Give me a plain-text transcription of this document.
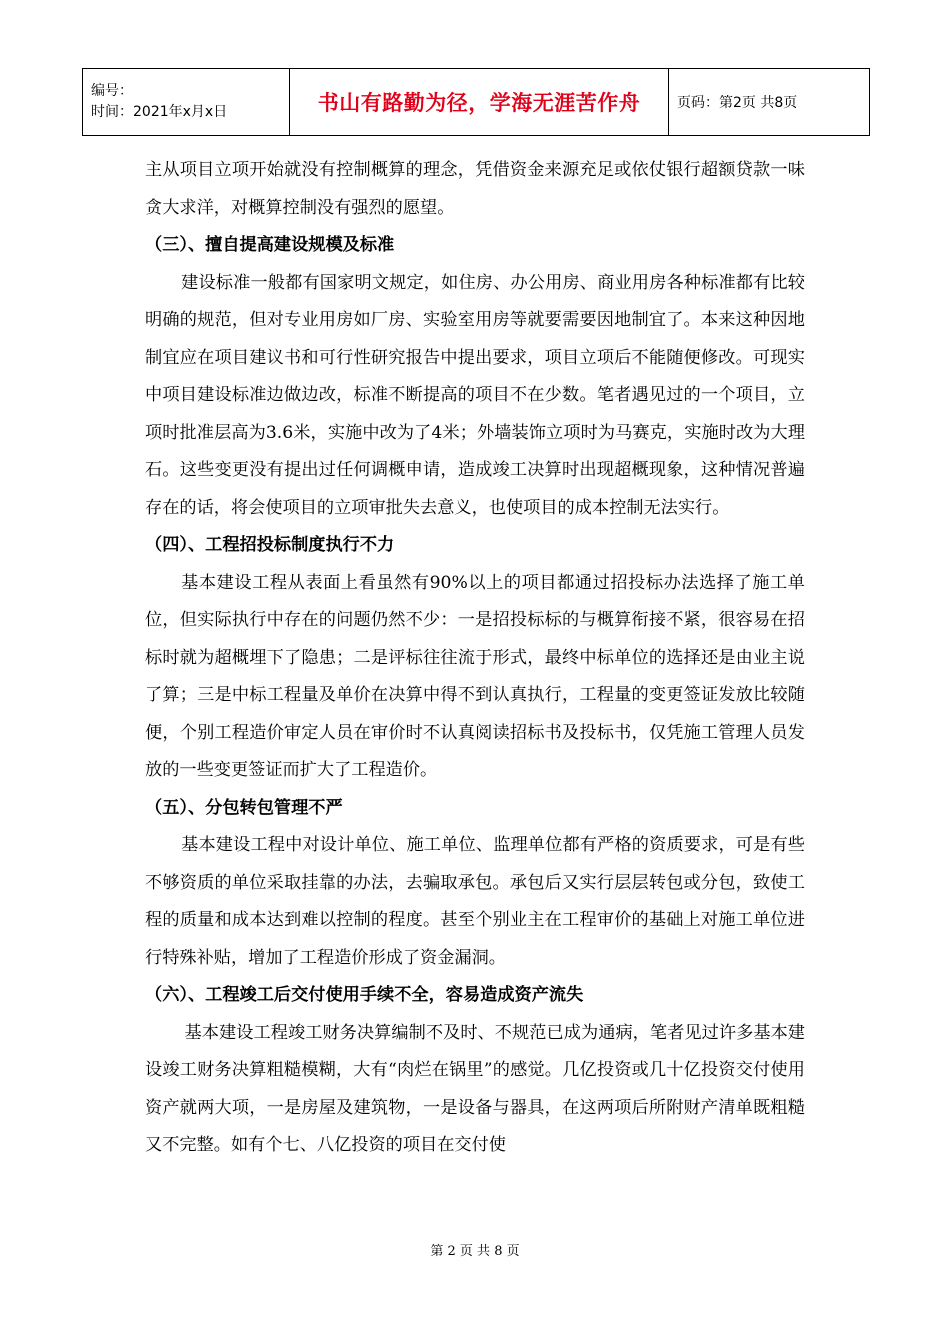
编号：
时间：2021年x月x日	书山有路勤为径，学海无涯苦作舟	页码：第2页 共8页

主从项目立项开始就没有控制概算的理念，凭借资金来源充足或依仗银行超额贷款一味贪大求洋，对概算控制没有强烈的愿望。

（三）、擅自提高建设规模及标准

建设标准一般都有国家明文规定，如住房、办公用房、商业用房各种标准都有比较明确的规范，但对专业用房如厂房、实验室用房等就要需要因地制宜了。本来这种因地制宜应在项目建议书和可行性研究报告中提出要求，项目立项后不能随便修改。可现实中项目建设标准边做边改，标准不断提高的项目不在少数。笔者遇见过的一个项目，立项时批准层高为3.6米，实施中改为了4米；外墙装饰立项时为马赛克，实施时改为大理石。这些变更没有提出过任何调概申请，造成竣工决算时出现超概现象，这种情况普遍存在的话，将会使项目的立项审批失去意义，也使项目的成本控制无法实行。

（四）、工程招投标制度执行不力

基本建设工程从表面上看虽然有90%以上的项目都通过招投标办法选择了施工单位，但实际执行中存在的问题仍然不少：一是招投标标的与概算衔接不紧，很容易在招标时就为超概埋下了隐患；二是评标往往流于形式，最终中标单位的选择还是由业主说了算；三是中标工程量及单价在决算中得不到认真执行，工程量的变更签证发放比较随便，个别工程造价审定人员在审价时不认真阅读招标书及投标书，仅凭施工管理人员发放的一些变更签证而扩大了工程造价。

（五）、分包转包管理不严

基本建设工程中对设计单位、施工单位、监理单位都有严格的资质要求，可是有些不够资质的单位采取挂靠的办法，去骗取承包。承包后又实行层层转包或分包，致使工程的质量和成本达到难以控制的程度。甚至个别业主在工程审价的基础上对施工单位进行特殊补贴，增加了工程造价形成了资金漏洞。

（六）、工程竣工后交付使用手续不全，容易造成资产流失

基本建设工程竣工财务决算编制不及时、不规范已成为通病，笔者见过许多基本建设竣工财务决算粗糙模糊，大有“肉烂在锅里”的感觉。几亿投资或几十亿投资交付使用资产就两大项，一是房屋及建筑物，一是设备与器具，在这两项后所附财产清单既粗糙又不完整。如有个七、八亿投资的项目在交付使

第 2 页 共 8 页
